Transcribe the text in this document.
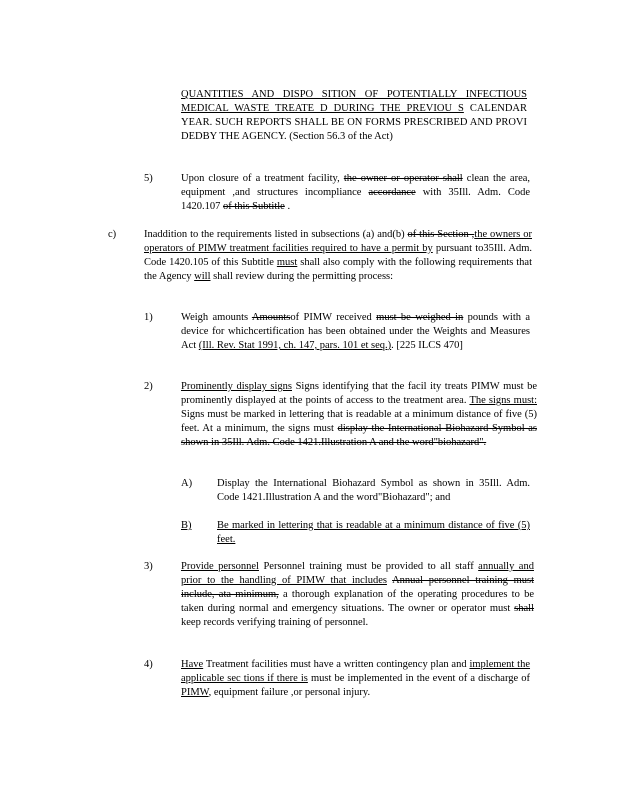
QUANTITIES AND DISPO SITION OF POTENTIALLY INFECTIOUS MEDICAL WASTE TREATE D DURING THE PREVIOU S CALENDAR YEAR. SUCH REPORTS SHALL BE ON FORMS PRESCRIBED AND PROVI DEDBY THE AGENCY. (Section 56.3 of the Act)

5)	Upon closure of a treatment facility, the owner or operator shall clean the area, equipment ,and structures incompliance accordance with 35Ill. Adm. Code 1420.107 of this Subtitle .

c)	Inaddition to the requirements listed in subsections (a) and(b) of this Section ,the owners or operators of PIMW treatment facilities required to have a permit by pursuant to35Ill. Adm. Code 1420.105 of this Subtitle must shall also comply with the following requirements that the Agency will shall review during the permitting process:

1)	Weigh amounts Amountsof PIMW received must be weighed in pounds with a device for whichcertification has been obtained under the Weights and Measures Act (Ill. Rev. Stat 1991, ch. 147, pars. 101 et seq.). [225 ILCS 470]

2)	Prominently display signs Signs identifying that the facil ity treats PIMW must be prominently displayed at the points of access to the treatment area. The signs must: Signs must be marked in lettering that is readable at a minimum distance of five (5) feet. At a minimum, the signs must display the International Biohazard Symbol as shown in 35Ill. Adm. Code 1421.Illustration A and the word"biohazard".

A) Display the International Biohazard Symbol as shown in 35Ill. Adm. Code 1421.Illustration A and the word"Biohazard"; and

B) Be marked in lettering that is readable at a minimum distance of five (5) feet.

3)	Provide personnel Personnel training must be provided to all staff annually and prior to the handling of PIMW that includes Annual personnel training must include, ata minimum, a thorough explanation of the operating procedures to be taken during normal and emergency situations. The owner or operator must shall keep records verifying training of personnel.

4)	Have Treatment facilities must have a written contingency plan and implement the applicable sec tions if there is must be implemented in the event of a discharge of PIMW, equipment failure ,or personal injury.
